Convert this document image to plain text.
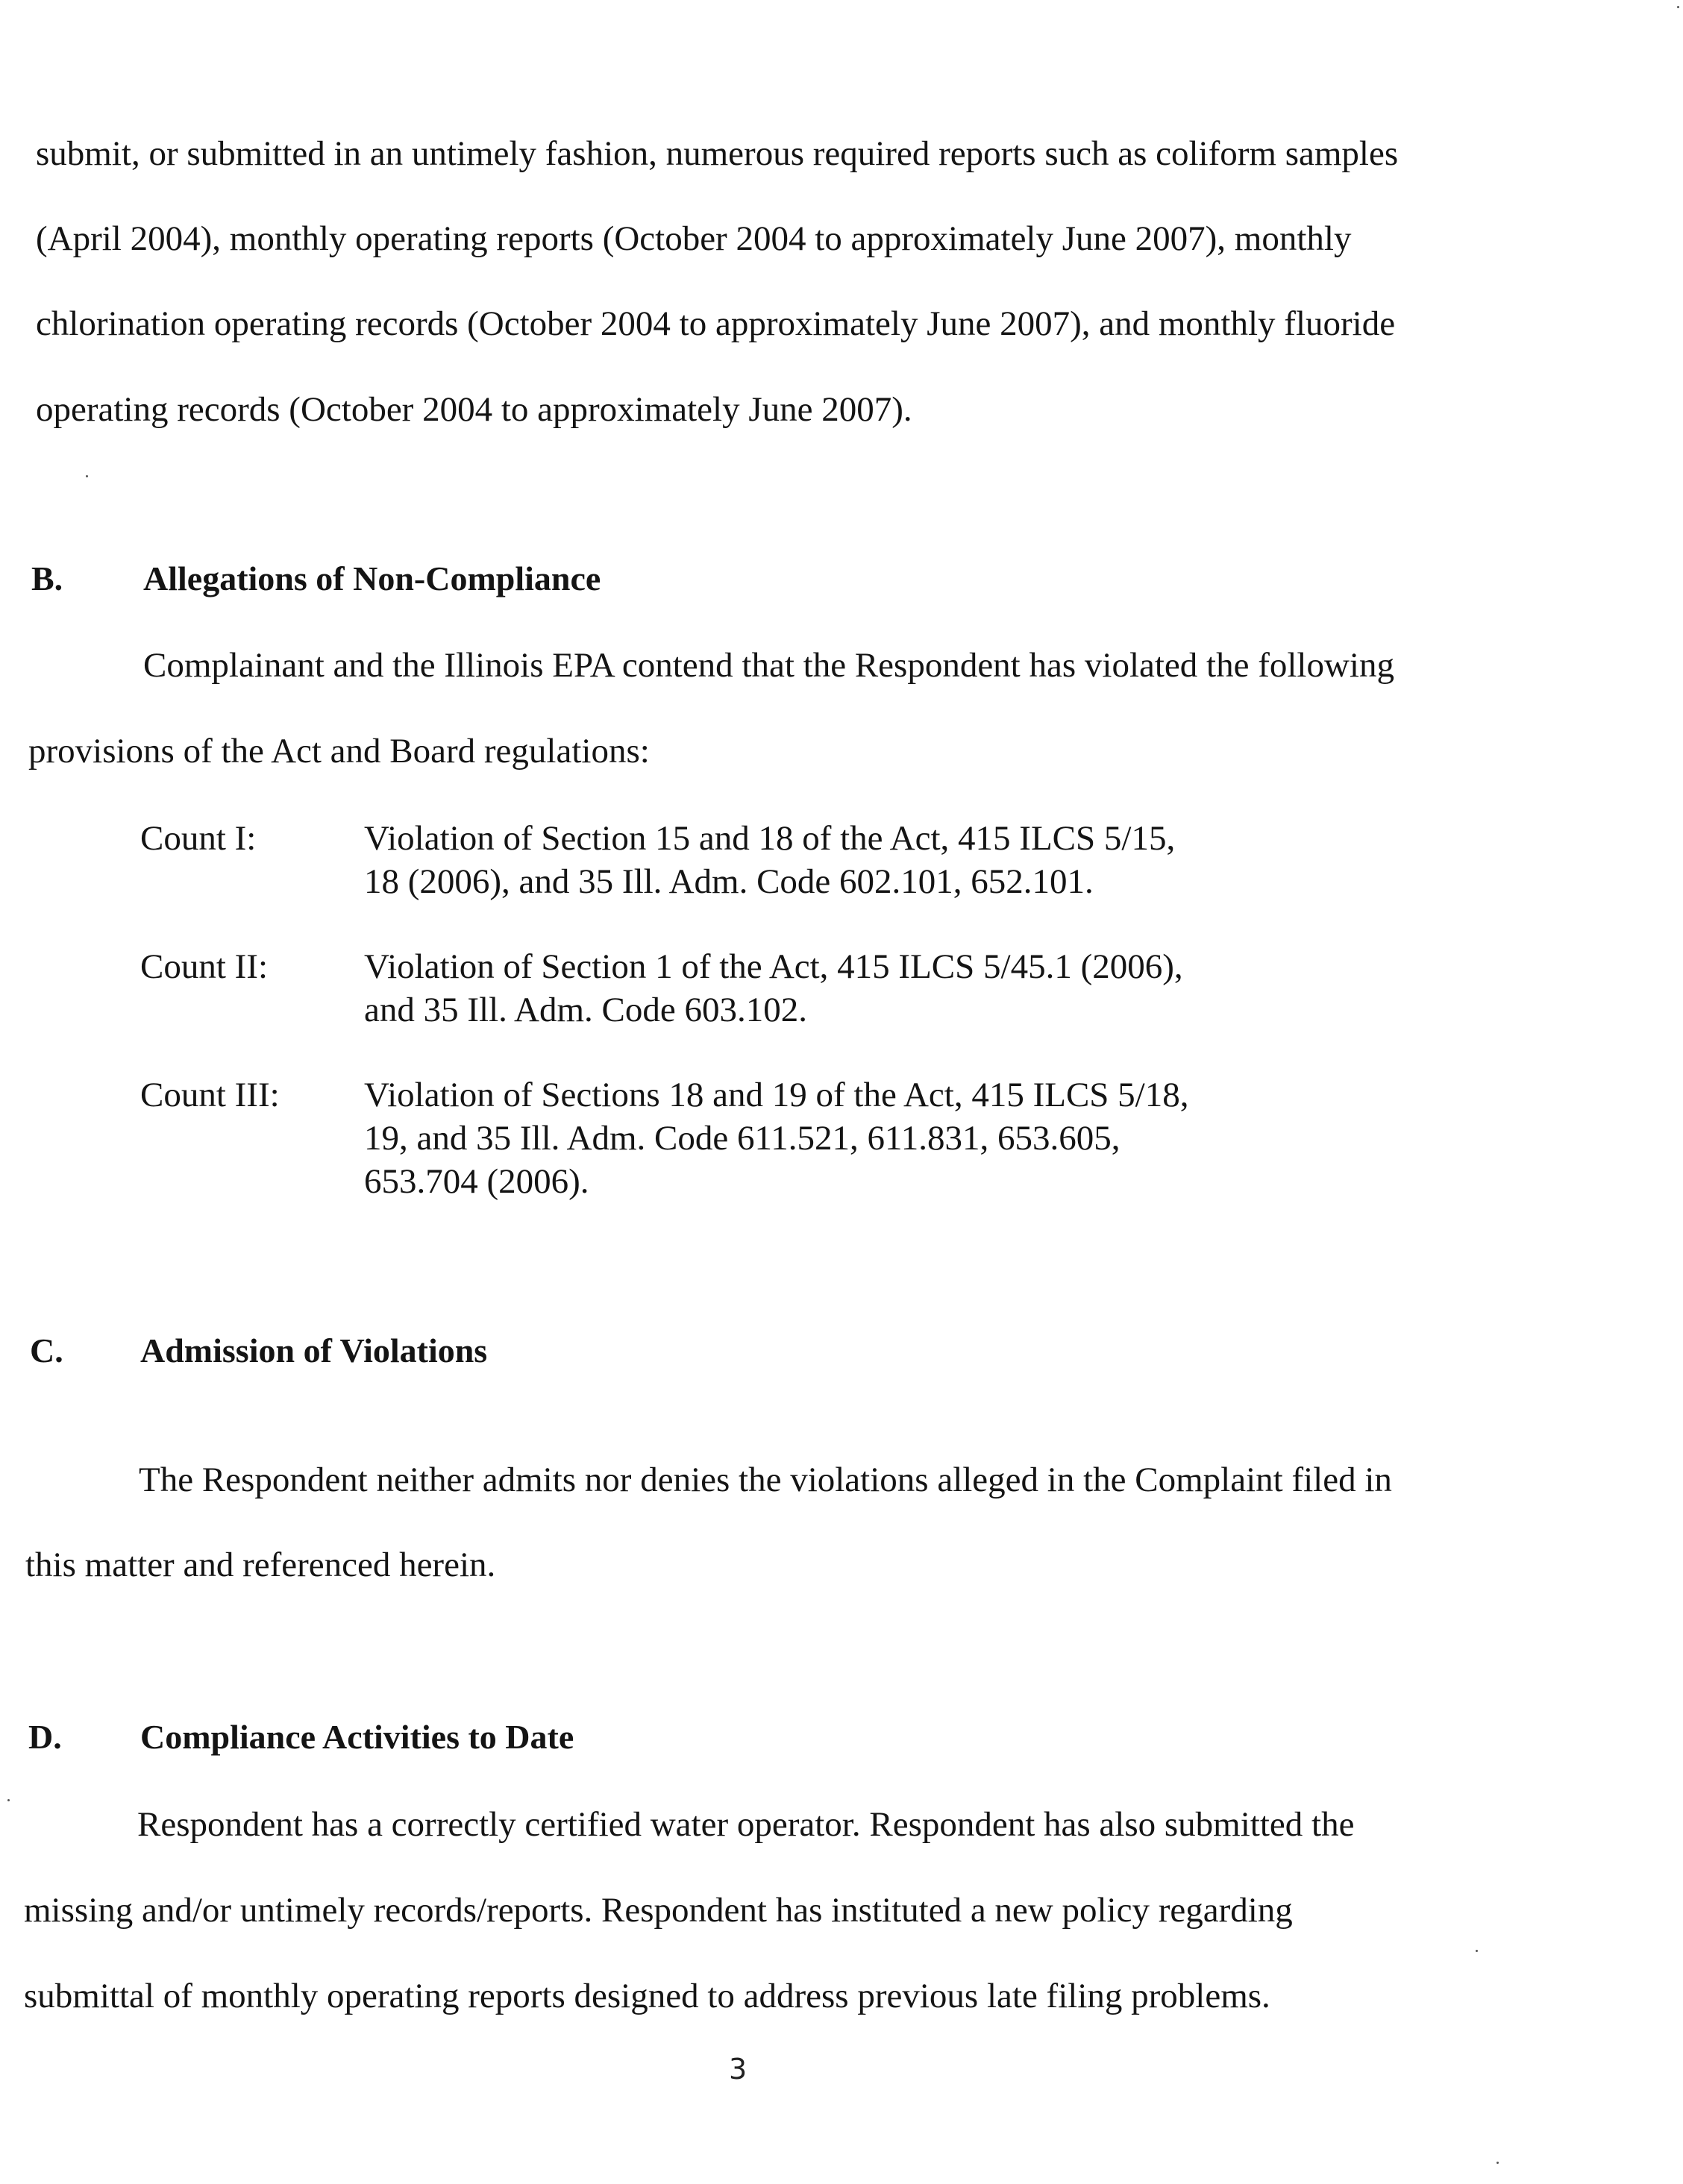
submit, or submitted in an untimely fashion, numerous required reports such as coliform samples
(April 2004), monthly operating reports (October 2004 to approximately June 2007), monthly
chlorination operating records (October 2004 to approximately June 2007), and monthly fluoride
operating records (October 2004 to approximately June 2007).
B. Allegations of Non-Compliance
Complainant and the Illinois EPA contend that the Respondent has violated the following
provisions of the Act and Board regulations:
Count I:	Violation of Section 15 and 18 of the Act, 415 ILCS 5/15,
18 (2006), and 35 Ill. Adm. Code 602.101, 652.101.
Count II:	Violation of Section 1 of the Act, 415 ILCS 5/45.1 (2006),
and 35 Ill. Adm. Code 603.102.
Count III: Violation of Sections 18 and 19 of the Act, 415 ILCS 5/18,
19, and 35 Ill. Adm. Code 611.521, 611.831, 653.605,
653.704 (2006).
C. Admission of Violations
The Respondent neither admits nor denies the violations alleged in the Complaint filed in
this matter and referenced herein.
D. Compliance Activities to Date
Respondent has a correctly certified water operator. Respondent has also submitted the
missing and/or untimely records/reports. Respondent has instituted a new policy regarding
submittal of monthly operating reports designed to address previous late filing problems.
3
